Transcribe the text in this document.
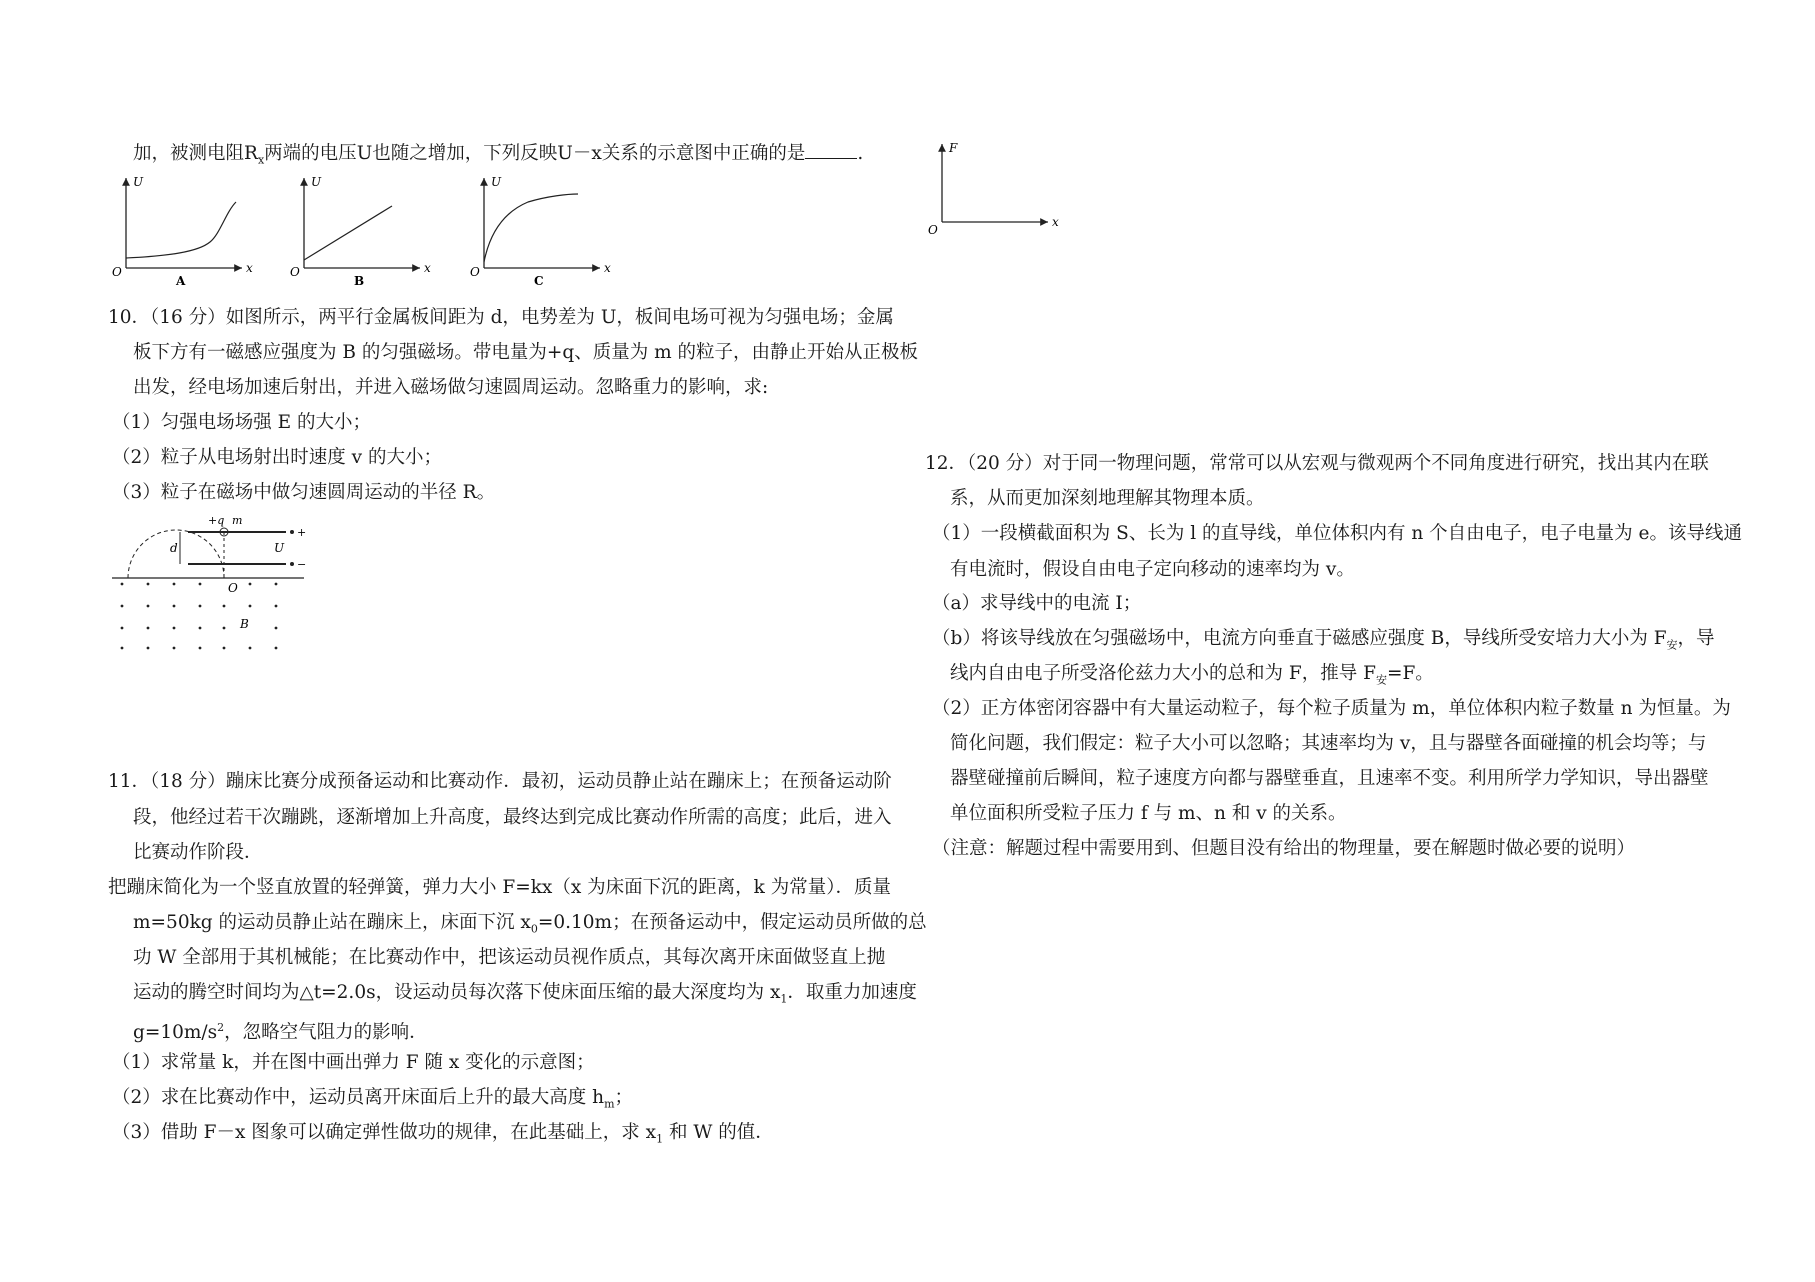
加，被测电阻$R_x$两端的电压U也随之增加，下列反映U－x关系的示意图中正确的是	.
U
x
O
A
U
x
O
B
U
x
O
C
10．（16 分）如图所示，两平行金属板间距为 d，电势差为 U，板间电场可视为匀强电场；金属
板下方有一磁感应强度为 B 的匀强磁场。带电量为+q、质量为 m 的粒子，由静止开始从正极板
出发，经电场加速后射出，并进入磁场做匀速圆周运动。忽略重力的影响，求:
（1）匀强电场场强 E 的大小；
（2）粒子从电场射出时速度 v 的大小；
（3）粒子在磁场中做匀速圆周运动的半径 R。
d
+q m
U
+
−
O
B
11．（18 分）蹦床比赛分成预备运动和比赛动作．最初，运动员静止站在蹦床上；在预备运动阶
段，他经过若干次蹦跳，逐渐增加上升高度，最终达到完成比赛动作所需的高度；此后，进入
比赛动作阶段．
把蹦床简化为一个竖直放置的轻弹簧，弹力大小 F=kx（x 为床面下沉的距离，k 为常量）．质量
m=50kg 的运动员静止站在蹦床上，床面下沉 $x_0=0.10m$；在预备运动中，假定运动员所做的总
功 W 全部用于其机械能；在比赛动作中，把该运动员视作质点，其每次离开床面做竖直上抛
运动的腾空时间均为△t=2.0s，设运动员每次落下使床面压缩的最大深度均为 $x_1$．取重力加速度
$g=10m/s^2$，忽略空气阻力的影响．
（1）求常量 k，并在图中画出弹力 F 随 x 变化的示意图；
（2）求在比赛动作中，运动员离开床面后上升的最大高度 $h_m$；
（3）借助 F－x 图象可以确定弹性做功的规律，在此基础上，求 $x_1$ 和 W 的值．
F
x
O
12．（20 分）对于同一物理问题，常常可以从宏观与微观两个不同角度进行研究，找出其内在联
系，从而更加深刻地理解其物理本质。
（1）一段横截面积为 S、长为 l 的直导线，单位体积内有 n 个自由电子，电子电量为 e。该导线通
有电流时，假设自由电子定向移动的速率均为 v。
（a）求导线中的电流 I；
（b）将该导线放在匀强磁场中，电流方向垂直于磁感应强度 B，导线所受安培力大小为 $F_安$，导
线内自由电子所受洛伦兹力大小的总和为 F，推导 $F_安=F$。
（2）正方体密闭容器中有大量运动粒子，每个粒子质量为 m，单位体积内粒子数量 n 为恒量。为
简化问题，我们假定：粒子大小可以忽略；其速率均为 v，且与器壁各面碰撞的机会均等；与
器壁碰撞前后瞬间，粒子速度方向都与器壁垂直，且速率不变。利用所学力学知识，导出器壁
单位面积所受粒子压力 f 与 m、n 和 v 的关系。
（注意：解题过程中需要用到、但题目没有给出的物理量，要在解题时做必要的说明）
